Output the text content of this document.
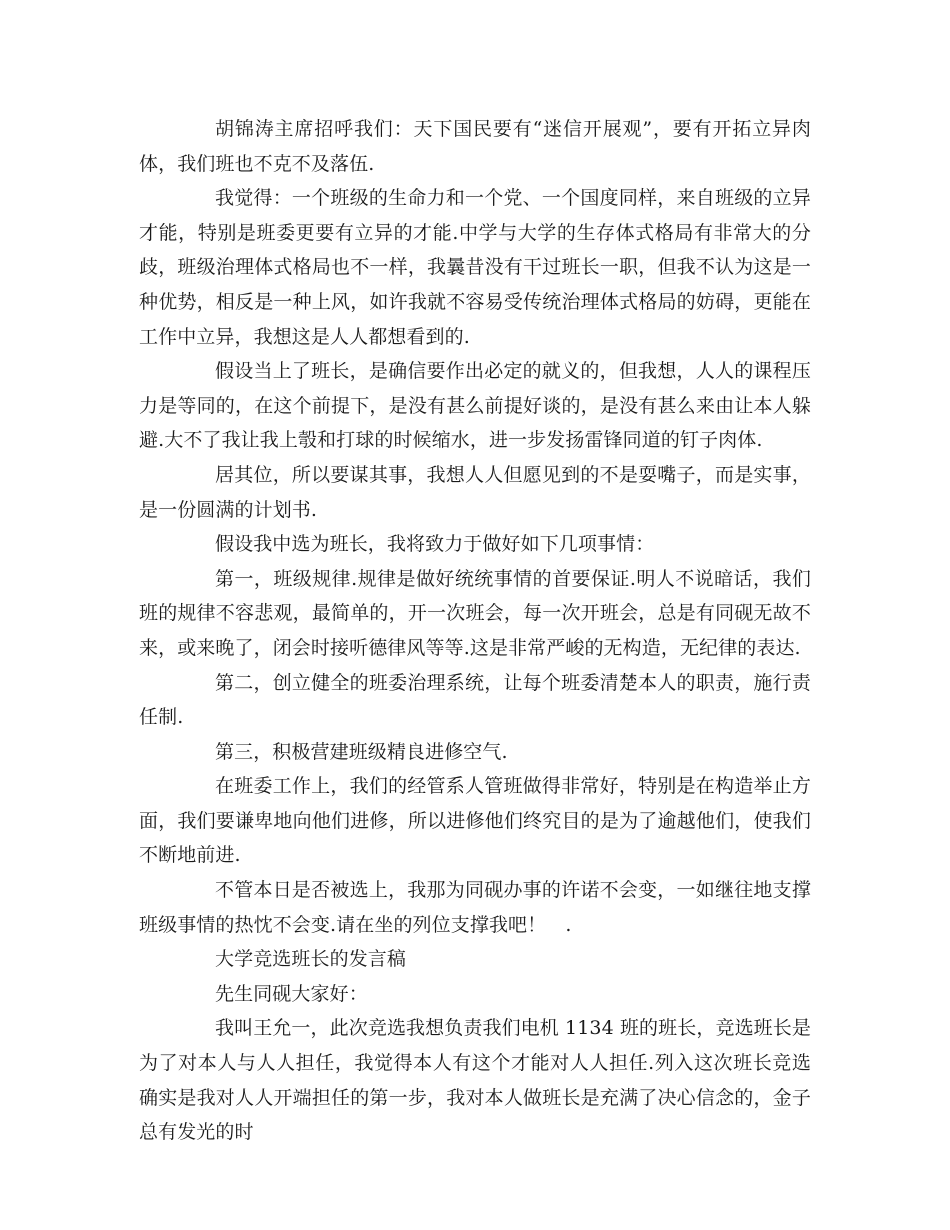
胡锦涛主席招呼我们：天下国民要有“迷信开展观”，要有开拓立异肉体，我们班也不克不及落伍.

我觉得：一个班级的生命力和一个党、一个国度同样，来自班级的立异才能，特别是班委更要有立异的才能.中学与大学的生存体式格局有非常大的分歧，班级治理体式格局也不一样，我曩昔没有干过班长一职，但我不认为这是一种优势，相反是一种上风，如许我就不容易受传统治理体式格局的妨碍，更能在工作中立异，我想这是人人都想看到的.

假设当上了班长，是确信要作出必定的就义的，但我想，人人的课程压力是等同的，在这个前提下，是没有甚么前提好谈的，是没有甚么来由让本人躲避.大不了我让我上彀和打球的时候缩水，进一步发扬雷锋同道的钉子肉体.

居其位，所以要谋其事，我想人人但愿见到的不是耍嘴子，而是实事，是一份圆满的计划书.

假设我中选为班长，我将致力于做好如下几项事情：

第一，班级规律.规律是做好统统事情的首要保证.明人不说暗话，我们班的规律不容悲观，最简单的，开一次班会，每一次开班会，总是有同砚无故不来，或来晚了，闭会时接听德律风等等.这是非常严峻的无构造，无纪律的表达.

第二，创立健全的班委治理系统，让每个班委清楚本人的职责，施行责任制.

第三，积极营建班级精良进修空气.

在班委工作上，我们的经管系人管班做得非常好，特别是在构造举止方面，我们要谦卑地向他们进修，所以进修他们终究目的是为了逾越他们，使我们不断地前进.

不管本日是否被选上，我那为同砚办事的许诺不会变，一如继往地支撑班级事情的热忱不会变.请在坐的列位支撑我吧！　.

大学竞选班长的发言稿

先生同砚大家好：

我叫王允一，此次竞选我想负责我们电机 1134 班的班长，竞选班长是为了对本人与人人担任，我觉得本人有这个才能对人人担任.列入这次班长竞选确实是我对人人开端担任的第一步，我对本人做班长是充满了决心信念的，金子总有发光的时
